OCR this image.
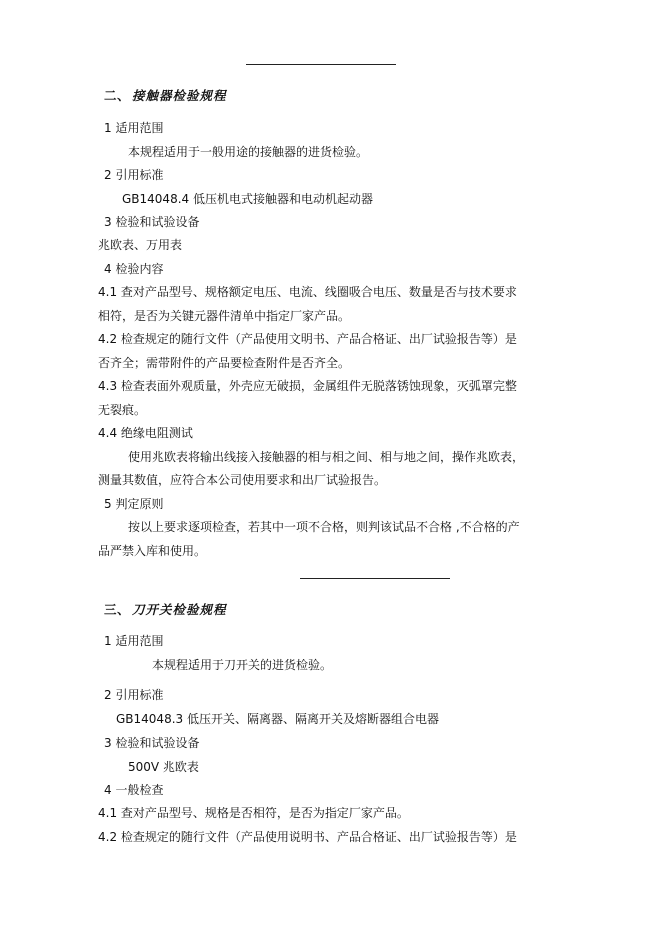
二、 接触器检验规程
1 适用范围
本规程适用于一般用途的接触器的进货检验。
2 引用标准
GB14048.4 低压机电式接触器和电动机起动器
3 检验和试验设备
兆欧表、万用表
4 检验内容
4.1 查对产品型号、规格额定电压、电流、线圈吸合电压、数量是否与技术要求
相符，是否为关键元器件清单中指定厂家产品。
4.2 检查规定的随行文件（产品使用文明书、产品合格证、出厂试验报告等）是
否齐全；需带附件的产品要检查附件是否齐全。
4.3 检查表面外观质量，外壳应无破损，金属组件无脱落锈蚀现象，灭弧罩完整
无裂痕。
4.4 绝缘电阻测试
使用兆欧表将输出线接入接触器的相与相之间、相与地之间，操作兆欧表，
测量其数值，应符合本公司使用要求和出厂试验报告。
5 判定原则
按以上要求逐项检查，若其中一项不合格，则判该试品不合格 ,不合格的产
品严禁入库和使用。
三、 刀开关检验规程
1 适用范围
本规程适用于刀开关的进货检验。
2 引用标准
GB14048.3 低压开关、隔离器、隔离开关及熔断器组合电器
3 检验和试验设备
500V 兆欧表
4 一般检查
4.1 查对产品型号、规格是否相符，是否为指定厂家产品。
4.2 检查规定的随行文件（产品使用说明书、产品合格证、出厂试验报告等）是
